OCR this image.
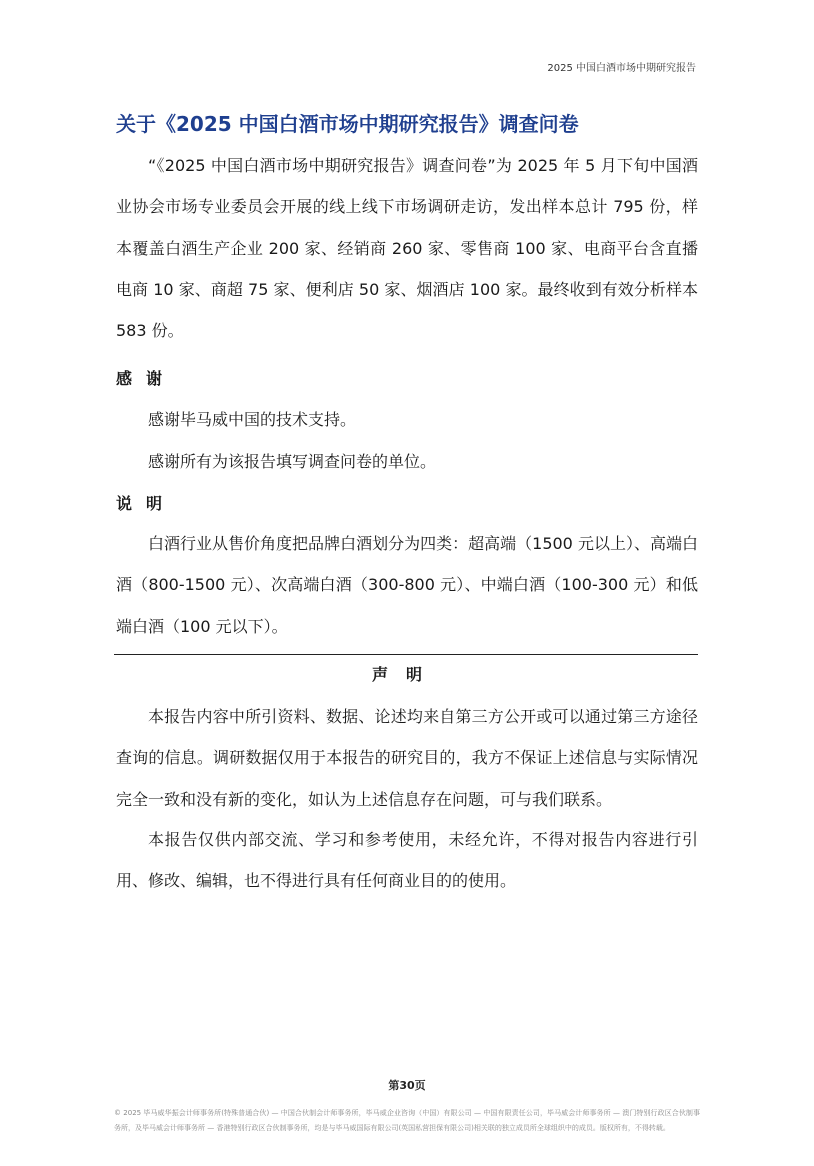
2025 中国白酒市场中期研究报告
关于《2025 中国白酒市场中期研究报告》调查问卷

“《2025 中国白酒市场中期研究报告》调查问卷”为 2025 年 5 月下旬中国酒业协会市场专业委员会开展的线上线下市场调研走访，发出样本总计 795 份，样本覆盖白酒生产企业 200 家、经销商 260 家、零售商 100 家、电商平台含直播电商 10 家、商超 75 家、便利店 50 家、烟酒店 100 家。最终收到有效分析样本 583 份。

感谢
感谢毕马威中国的技术支持。
感谢所有为该报告填写调查问卷的单位。
说明

白酒行业从售价角度把品牌白酒划分为四类：超高端（1500 元以上）、高端白酒（800-1500 元）、次高端白酒（300-800 元）、中端白酒（100-300 元）和低端白酒（100 元以下）。

声明

本报告内容中所引资料、数据、论述均来自第三方公开或可以通过第三方途径查询的信息。调研数据仅用于本报告的研究目的，我方不保证上述信息与实际情况完全一致和没有新的变化，如认为上述信息存在问题，可与我们联系。

本报告仅供内部交流、学习和参考使用，未经允许，不得对报告内容进行引用、修改、编辑，也不得进行具有任何商业目的的使用。

第30页
© 2025 毕马威华振会计师事务所(特殊普通合伙) — 中国合伙制会计师事务所，毕马威企业咨询（中国）有限公司 — 中国有限责任公司，毕马威会计师事务所 — 澳门特别行政区合伙制事务所，及毕马威会计师事务所 — 香港特别行政区合伙制事务所，均是与毕马威国际有限公司(英国私营担保有限公司)相关联的独立成员所全球组织中的成员。版权所有，不得转载。
